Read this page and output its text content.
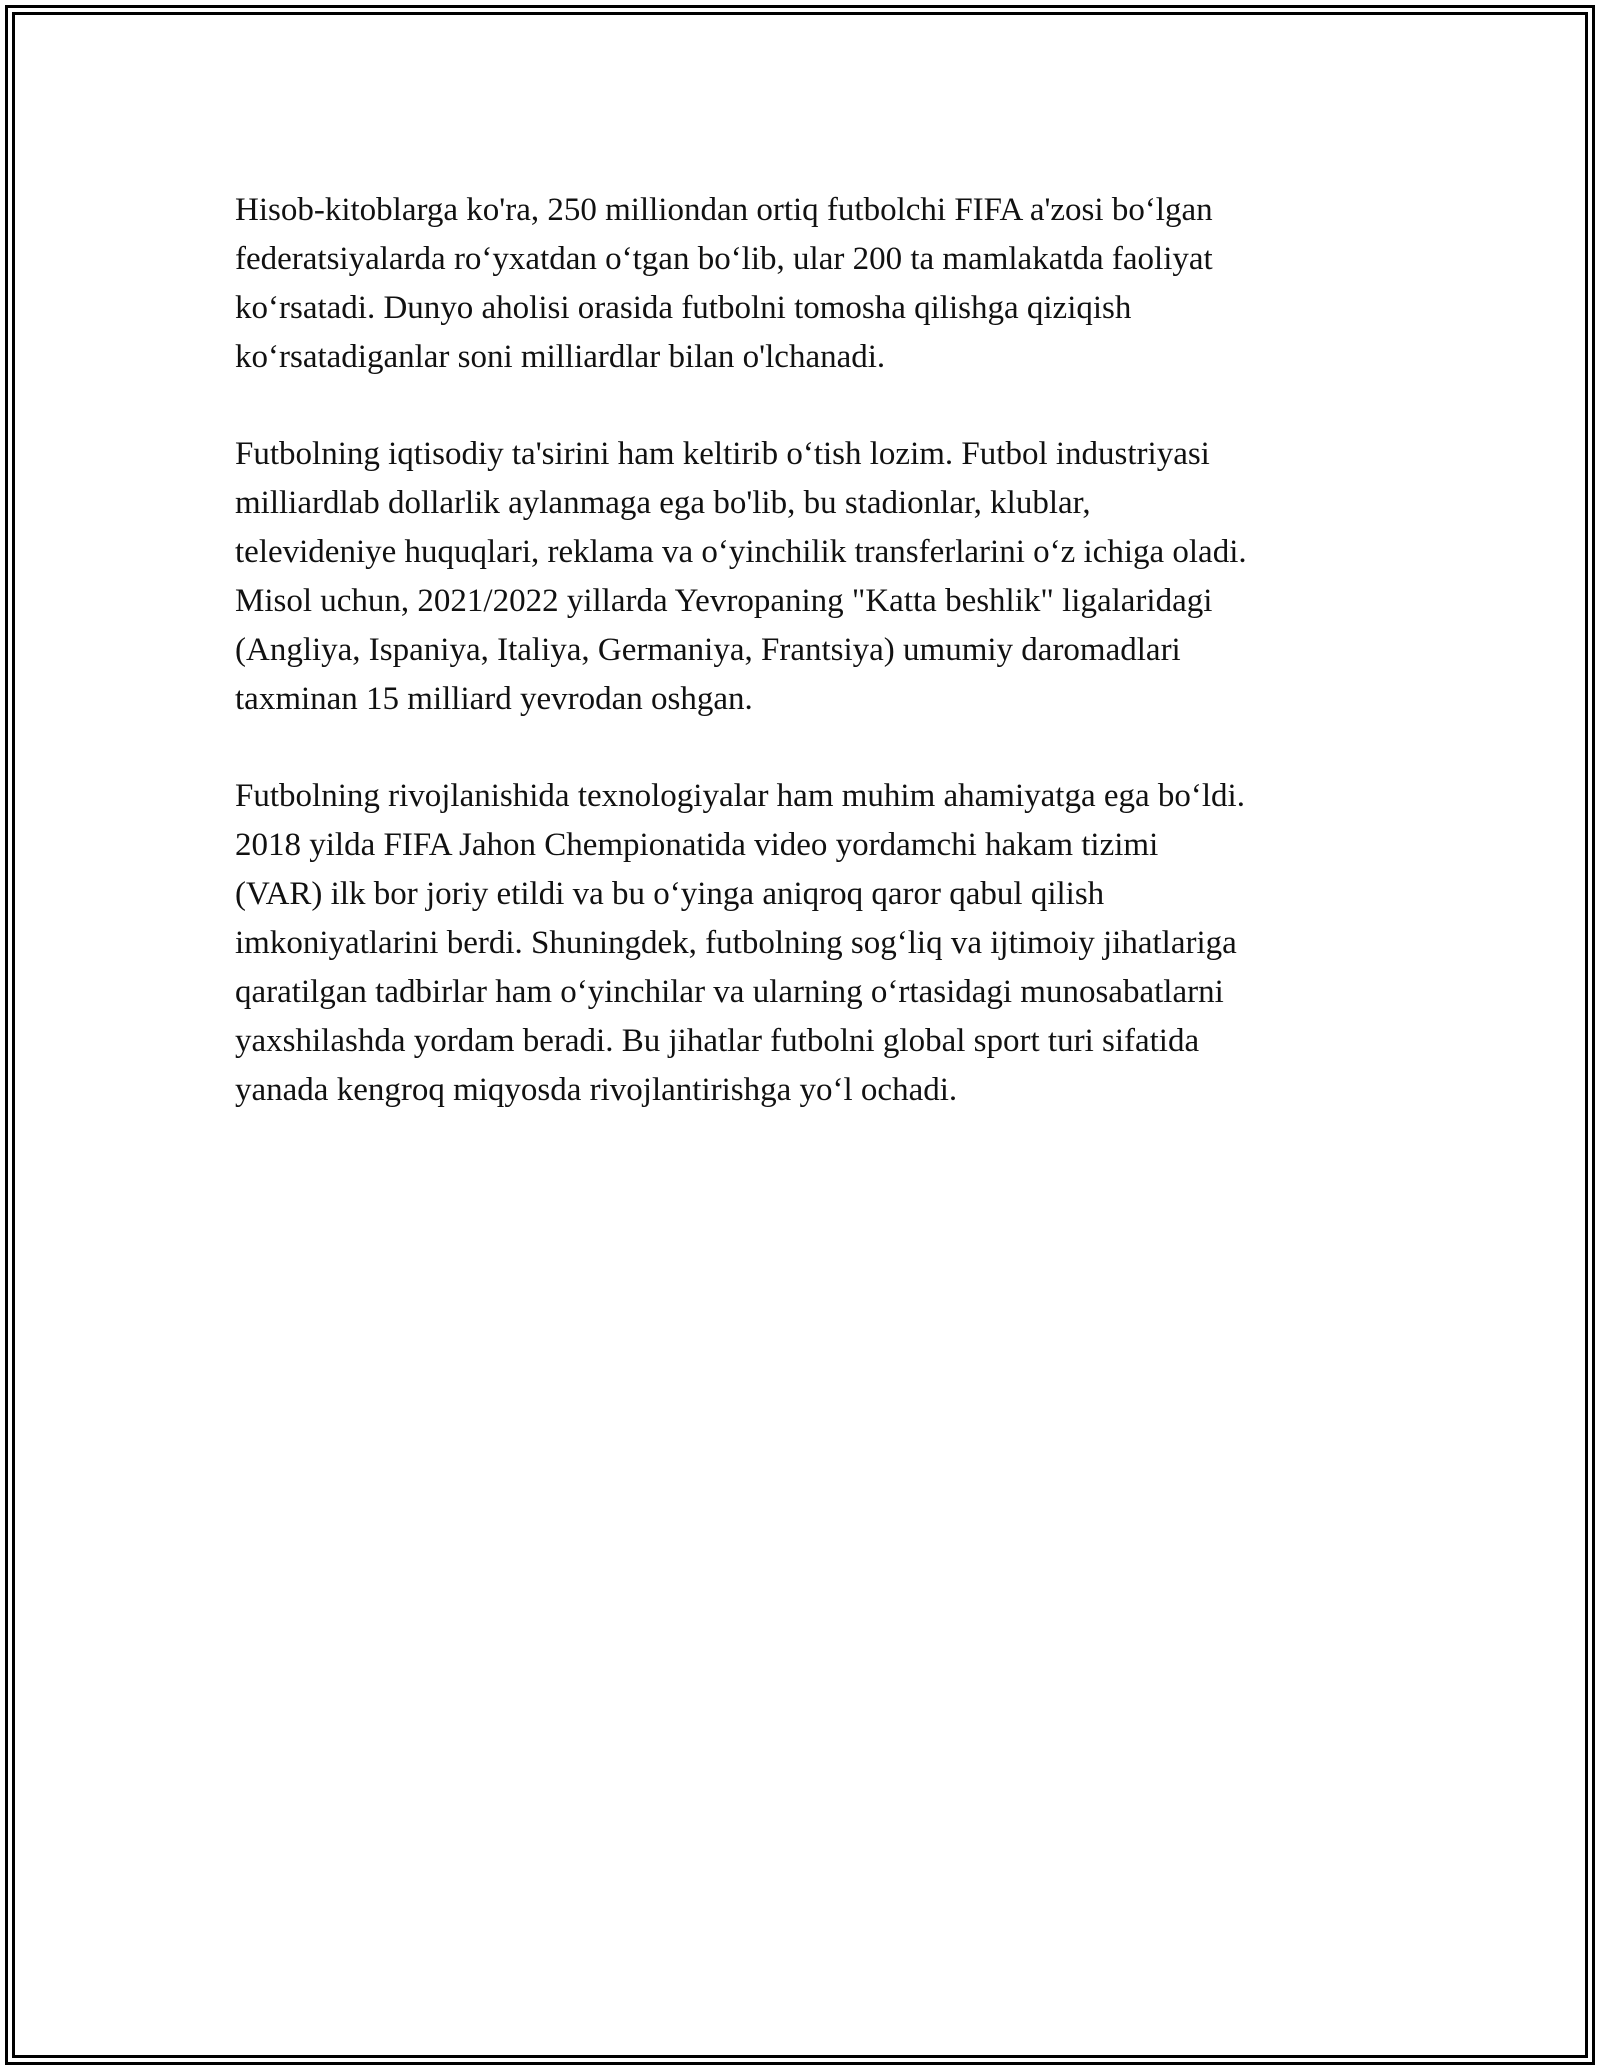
Hisob-kitoblarga ko'ra, 250 milliondan ortiq futbolchi FIFA a'zosi bo‘lgan
federatsiyalarda ro‘yxatdan o‘tgan bo‘lib, ular 200 ta mamlakatda faoliyat
ko‘rsatadi. Dunyo aholisi orasida futbolni tomosha qilishga qiziqish
ko‘rsatadiganlar soni milliardlar bilan o'lchanadi.

Futbolning iqtisodiy ta'sirini ham keltirib o‘tish lozim. Futbol industriyasi
milliardlab dollarlik aylanmaga ega bo'lib, bu stadionlar, klublar,
televideniye huquqlari, reklama va o‘yinchilik transferlarini o‘z ichiga oladi.
Misol uchun, 2021/2022 yillarda Yevropaning "Katta beshlik" ligalaridagi
(Angliya, Ispaniya, Italiya, Germaniya, Frantsiya) umumiy daromadlari
taxminan 15 milliard yevrodan oshgan.

Futbolning rivojlanishida texnologiyalar ham muhim ahamiyatga ega bo‘ldi.
2018 yilda FIFA Jahon Chempionatida video yordamchi hakam tizimi
(VAR) ilk bor joriy etildi va bu o‘yinga aniqroq qaror qabul qilish
imkoniyatlarini berdi. Shuningdek, futbolning sog‘liq va ijtimoiy jihatlariga
qaratilgan tadbirlar ham o‘yinchilar va ularning o‘rtasidagi munosabatlarni
yaxshilashda yordam beradi. Bu jihatlar futbolni global sport turi sifatida
yanada kengroq miqyosda rivojlantirishga yo‘l ochadi.
